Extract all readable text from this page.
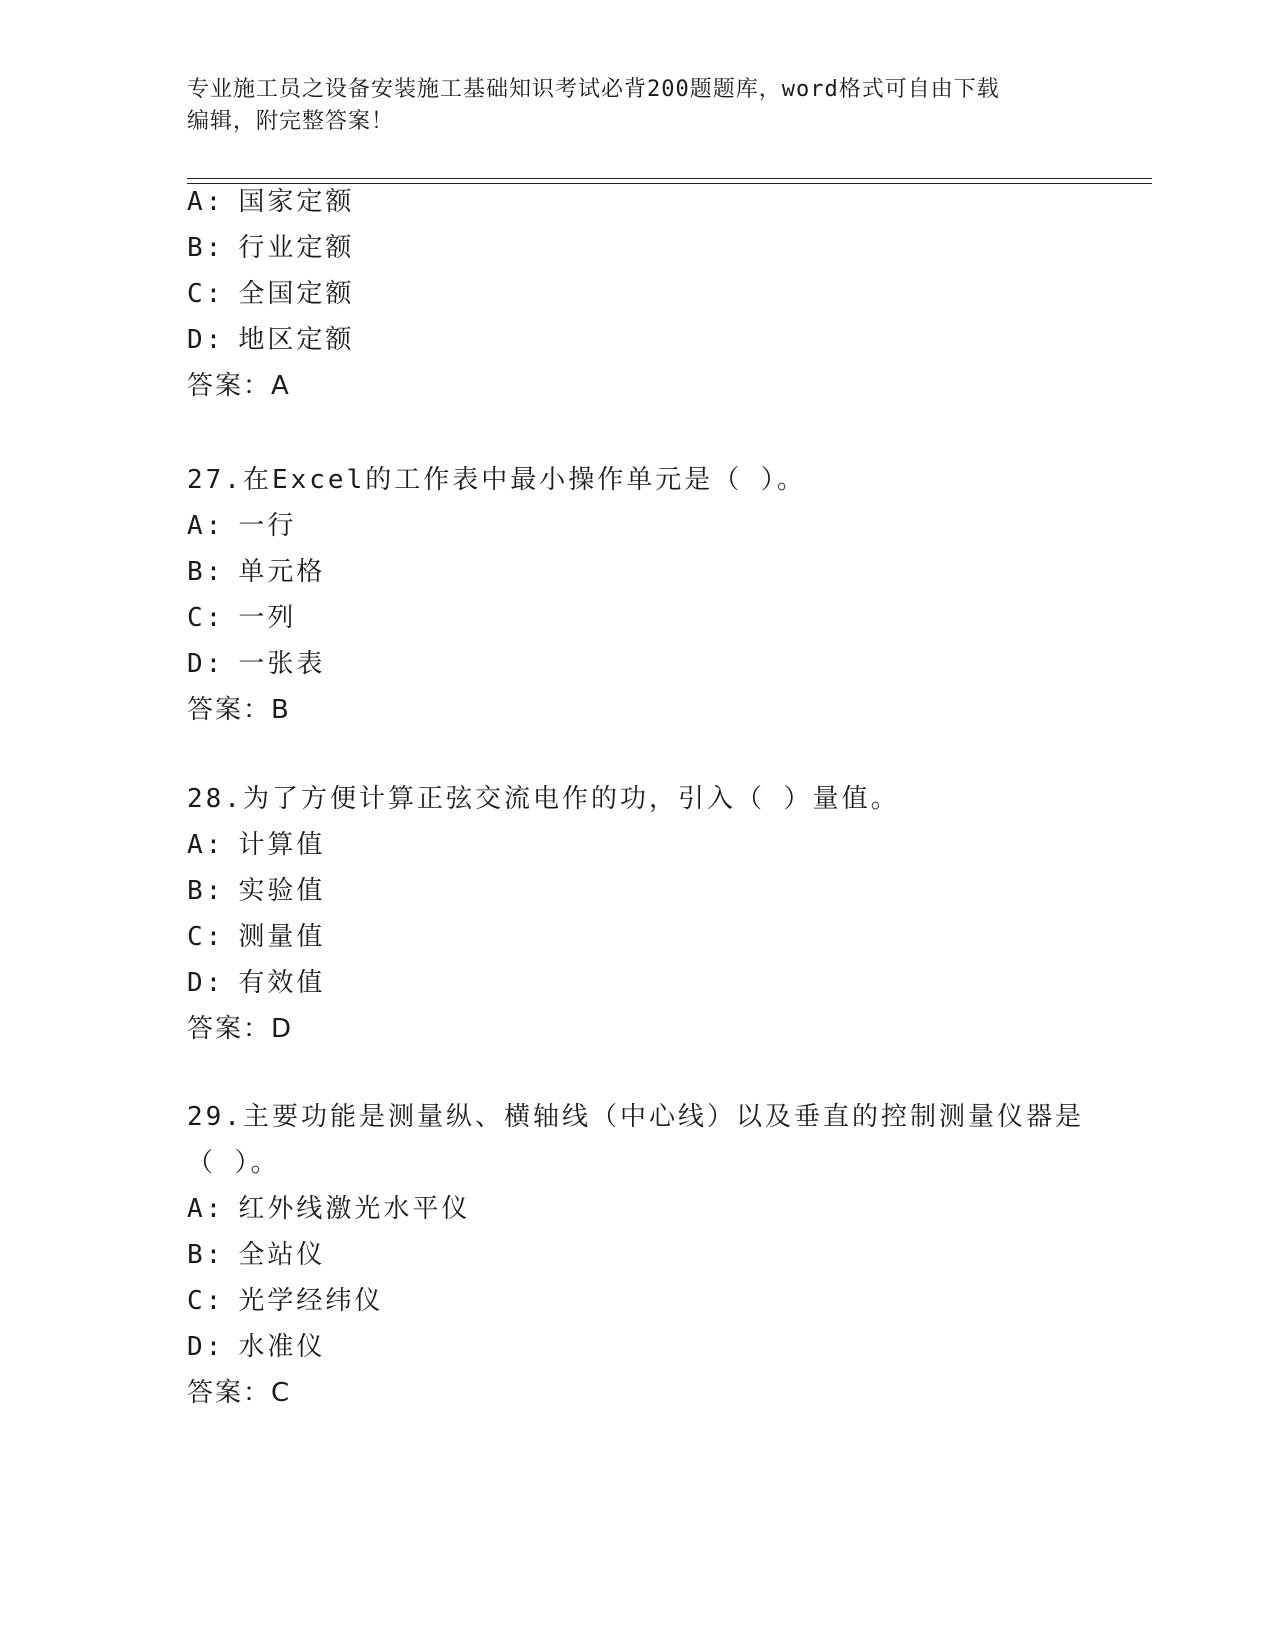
专业施工员之设备安装施工基础知识考试必背200题题库，word格式可自由下载
编辑，附完整答案！
A: 国家定额
B: 行业定额
C: 全国定额
D: 地区定额
答案：A
27.在Excel的工作表中最小操作单元是（ ）。
A: 一行
B: 单元格
C: 一列
D: 一张表
答案：B
28.为了方便计算正弦交流电作的功，引入（ ）量值。
A: 计算值
B: 实验值
C: 测量值
D: 有效值
答案：D
29.主要功能是测量纵、横轴线（中心线）以及垂直的控制测量仪器是（ ）。
A: 红外线激光水平仪
B: 全站仪
C: 光学经纬仪
D: 水准仪
答案：C
